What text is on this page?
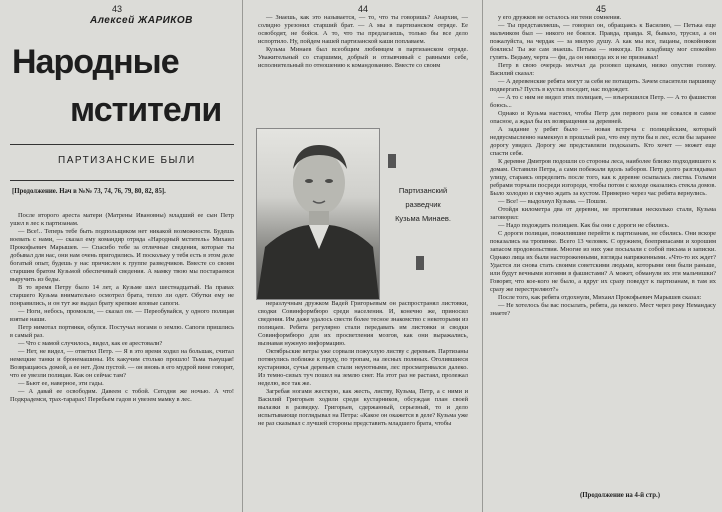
43
Алексей ЖАРИКОВ
Народные
мстители
ПАРТИЗАНСКИЕ БЫЛИ
[Продолжение. Нач в №№ 73, 74, 76, 79, 80, 82, 85].

После второго ареста матери (Матрены Ивановны) младший ее сын Петр ушел в лес к партизанам.

— Все!.. Теперь тебе быть подпольщиком нет никакой возможности. Будешь воевать с нами, — сказал ему командир отряда «Народный мститель» Михаил Прокофьевич Марышев. — Спасибо тебе за отличные сведения, которые ты добывал для нас, они нам очень пригодились. И поскольку у тебя есть в этом деле богатый опыт, будешь у нас причислен к группе разведчиков. Вместе со своим старшим братом Кузьмой обеспечивай сведения. А мамку твою мы постараемся выручить из беды.

В то время Петру было 14 лет, а Кузьме шел шестнадцатый. На правах старшего Кузьма внимательно осмотрел брата, тепло ли одет. Обутки ему не понравились, и он тут же выдал брату крепкие яловые сапоги.

— Ноги, небось, промокли, — сказал он. — Переобувайся, у одного полицая взятые наши.

Петр нимотал портянки, обулся. Постучал ногами о землю. Сапоги пришлись в самый раз.

— Что с мамой случилось, видел, как ее арестовали?

— Нет, не видел, — ответил Петр. — Я в это время ходил на большак, считал немецкие танки и бронемашины. Их какучим столько прошло! Тьма тьмущая! Возвращаюсь домой, а ее нет. Дом пустой. — он вновь в его мудрой вине говорят, что ее увезли полицаи. Как он сейчас там?

— Бьют ее, наверное, эти гады.

— А давай ее освободим. Давеем с тобой. Сегодня же ночью. А что! Подкрадемся, трах-тарарах! Перебьем гадов и увезем мамку в лес.

44

— Знаешь, как это называется, — то, что ты говоришь? Анархия, — солидно урезонил старший брат. — А мы в партизанском отряде. Ее освободят, не бойся. А то, что ты предлагаешь, только бы все дело испортило. Ну, пойдем нашей партизанской каши поплаваем.

Кузьма Минаев был всеобщим любимцем в партизанском отряде. Уважительный со старшими, добрый и отзывчивый с равными себе, исполнительный по отношению к командованию. Вместе со своим

Партизанский
разведчик
Кузьма Минаев.

неразлучным дружком Вадей Григорьевым он распространял листовки, сводки Совинформбюро среди населения. И, конечно же, приносил сведения. Им даже удалось свести более тесное знакомство с некоторыми из полицаев. Ребята регулярно стали передавать им листовки и сводки Совинформбюро для их просветления мозгов, как они выражались, вызнавая нужную информацию.

Октябрьские ветры уже сорвали пожухлую листву с деревьев. Партизаны потянулись поближе к пруду, по тропам, на лесных поляных. Оголившиеся кустарники, сучья деревьев стали неуютными, лес просматривался далеко. Из темно-сизых туч пошел на землю снег. На этот раз не растаял, пролежал неделю, все так же.

Загребая ногами жесткую, как жесть, листву, Кузьма, Петр, а с ними и Василий Григорьев ходили среди кустарников, обсуждая план своей вылазки в разведку. Григорьев, сдержанный, серьезный, то и дело испытывающе поглядывал на Петра: «Какое он окажется в деле? Кузьма уже не раз сказывал с лучшей стороны представить младшего брата, чтобы

45

у его дружков не осталось ни тени сомнения.

— Ты представляешь, — говорил он, обращаясь к Василию, — Петька еще мальчиком был — никого не боялся. Правда, правда. Я, бывало, трусил, а он пожалуйста, на чердак — за милую душу. А как мы все, пацаны, покойников боялись! Ты же сам знаешь. Петька — никогда. По кладбищу мог спокойно гулять. Ведьму, черта — фи, да он никогда их и не признавал!

Петр в свою очередь молчал да розовел щеками, низко опустив голову. Василий сказал:

— А деревенские ребята могут за себя не потащить. Зачем спасители паршивцу подвергать? Пусть в кустах поседит, нас подождет.

— А то с ним не видел этих полицаев, — взъерошился Петр. — А то фашистов боюсь...

Однако и Кузьма настоял, чтобы Петр для первого раза не совался в самое опасное, а ждал бы их возвращения за деревней.

А задание у ребят было — новая встреча с полицейским, который недвусмысленно намекнул в прошлый раз, что ему пути бы в лес, если бы заранее дорогу увидел. Дорогу же представляли подсказать. Кто хочет — может еще спасти себя.

К деревне Дмитров подошли со стороны леса, наиболее близко подходившего к домам. Оставили Петра, а сами побежали вдоль заборов. Петр долго разглядывал улицу, стараясь определить после того, как к деревне осыпалась листва. Голыми ребрами торчали посреди изгороди, чтобы потом с колоде оказались стекла домов. Было холодно и скучно ждать за кустом. Примерно через час ребята вернулись.

— Все! — выдохнул Кузьма. — Пошли.

Отойдя километра два от деревни, не протягивая несколько стали, Кузьма заговорил:

— Надо подождать полицаев. Как бы они с дороги не сбились.

С дороги полицаи, пожилившие перейти к партизанам, не сбились. Они вскоре показались на тропинке. Всего 13 человек. С оружием, боеприпасами и хорошим запасом продовольствия. Многие из них уже посылали с собой письма и записки. Однако лица их были настороженными, взгляды напряженными. «Что-то их ждет? Удастся ли снова стать своими советскими людьми, которыми они были раньше, или будут вечными изгоями в фашистами? А может, обманули их эти мальчишки? Говорят, что кое-кого не было, а вдруг их сразу поведут к партизанам, в там их сразу же перестреляют?»

После того, как ребята отдохнули, Михаил Прокофьевич Марышев сказал:

— Не хотелось бы вас посылать, ребята, да некого. Мест через реку Немандасу знаете?

(Продолжение на 4-й стр.)
